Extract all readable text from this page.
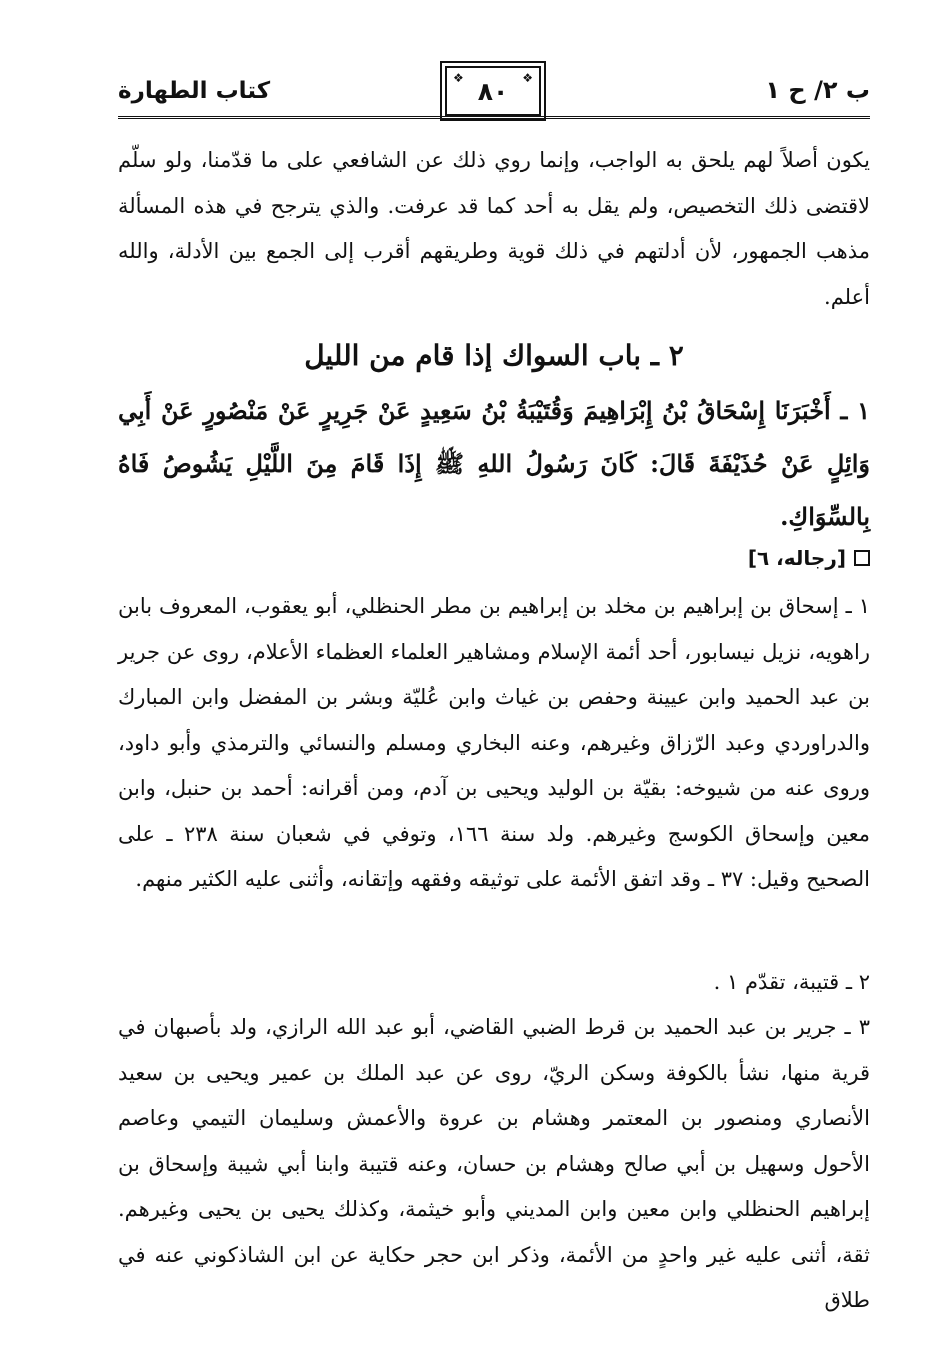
ب ٢/ ح ١
❖
٨٠
❖
كتاب الطهارة

يكون أصلاً لهم يلحق به الواجب، وإنما روي ذلك عن الشافعي على ما قدّمنا، ولو سلّم لاقتضى ذلك التخصيص، ولم يقل به أحد كما قد عرفت. والذي يترجح في هذه المسألة مذهب الجمهور، لأن أدلتهم في ذلك قوية وطريقهم أقرب إلى الجمع بين الأدلة، والله أعلم.

٢ ـ باب السواك إذا قام من الليل

١ ـ أَخْبَرَنَا إِسْحَاقُ بْنُ إِبْرَاهِيمَ وَقُتَيْبَةُ بْنُ سَعِيدٍ عَنْ جَرِيرٍ عَنْ مَنْصُورٍ عَنْ أَبِي وَائِلٍ عَنْ حُذَيْفَةَ قَالَ: كَانَ رَسُولُ اللهِ ﷺ إِذَا قَامَ مِنَ اللَّيْلِ يَشُوصُ فَاهُ بِالسِّوَاكِ.

[رجاله، ٦]

١ ـ إسحاق بن إبراهيم بن مخلد بن إبراهيم بن مطر الحنظلي، أبو يعقوب، المعروف بابن راهويه، نزيل نيسابور، أحد أئمة الإسلام ومشاهير العلماء العظماء الأعلام، روى عن جرير بن عبد الحميد وابن عيينة وحفص بن غياث وابن عُليّة وبشر بن المفضل وابن المبارك والدراوردي وعبد الرّزاق وغيرهم، وعنه البخاري ومسلم والنسائي والترمذي وأبو داود، وروى عنه من شيوخه: بقيّة بن الوليد ويحيى بن آدم، ومن أقرانه: أحمد بن حنبل، وابن معين وإسحاق الكوسج وغيرهم. ولد سنة ١٦٦، وتوفي في شعبان سنة ٢٣٨ ـ على الصحيح وقيل: ٣٧ ـ وقد اتفق الأئمة على توثيقه وفقهه وإتقانه، وأثنى عليه الكثير منهم.

٢ ـ قتيبة، تقدّم ١ .

٣ ـ جرير بن عبد الحميد بن قرط الضبي القاضي، أبو عبد الله الرازي، ولد بأصبهان في قرية منها، نشأ بالكوفة وسكن الريّ، روى عن عبد الملك بن عمير ويحيى بن سعيد الأنصاري ومنصور بن المعتمر وهشام بن عروة والأعمش وسليمان التيمي وعاصم الأحول وسهيل بن أبي صالح وهشام بن حسان، وعنه قتيبة وابنا أبي شيبة وإسحاق بن إبراهيم الحنظلي وابن معين وابن المديني وأبو خيثمة، وكذلك يحيى بن يحيى وغيرهم. ثقة، أثنى عليه غير واحدٍ من الأئمة، وذكر ابن حجر حكاية عن ابن الشاذكوني عنه في طلاق
